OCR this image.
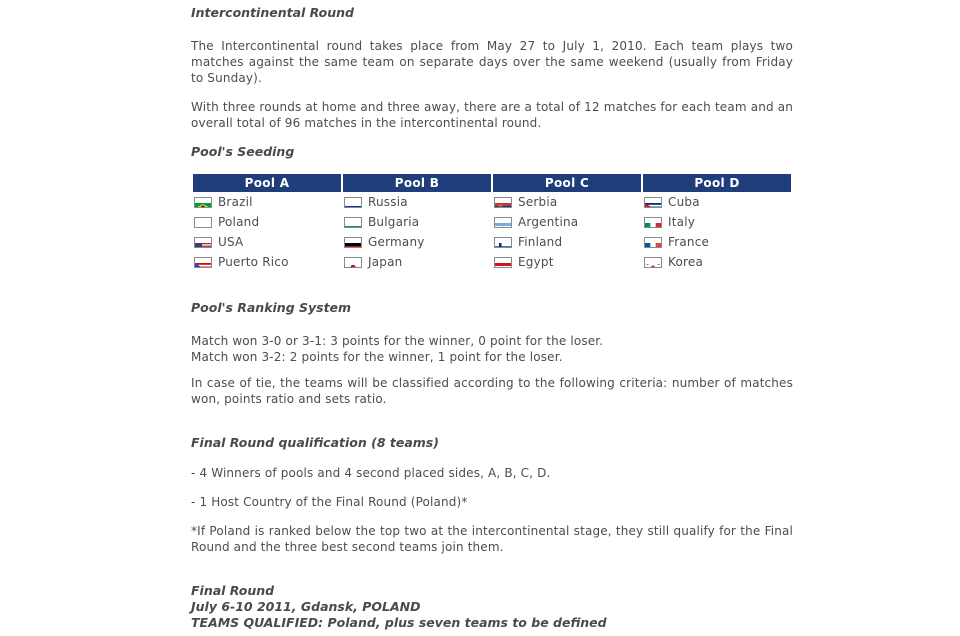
Intercontinental Round

The Intercontinental round takes place from May 27 to July 1, 2010. Each team plays two matches against the same team on separate days over the same weekend (usually from Friday to Sunday).

With three rounds at home and three away, there are a total of 12 matches for each team and an overall total of 96 matches in the intercontinental round.

Pool's Seeding
Pool A
Brazil
Poland
USA
Puerto Rico
Pool B
Russia
Bulgaria
Germany
Japan
Pool C
Serbia
Argentina
Finland
Egypt
Pool D
Cuba
Italy
France
Korea
Pool's Ranking System

Match won 3-0 or 3-1: 3 points for the winner, 0 point for the loser.

Match won 3-2: 2 points for the winner, 1 point for the loser.

In case of tie, the teams will be classified according to the following criteria: number of matches won, points ratio and sets ratio.

Final Round qualification (8 teams)

- 4 Winners of pools and 4 second placed sides, A, B, C, D.

- 1 Host Country of the Final Round (Poland)*

*If Poland is ranked below the top two at the intercontinental stage, they still qualify for the Final Round and the three best second teams join them.

Final Round

July 6-10 2011, Gdansk, POLAND

TEAMS QUALIFIED: Poland, plus seven teams to be defined
